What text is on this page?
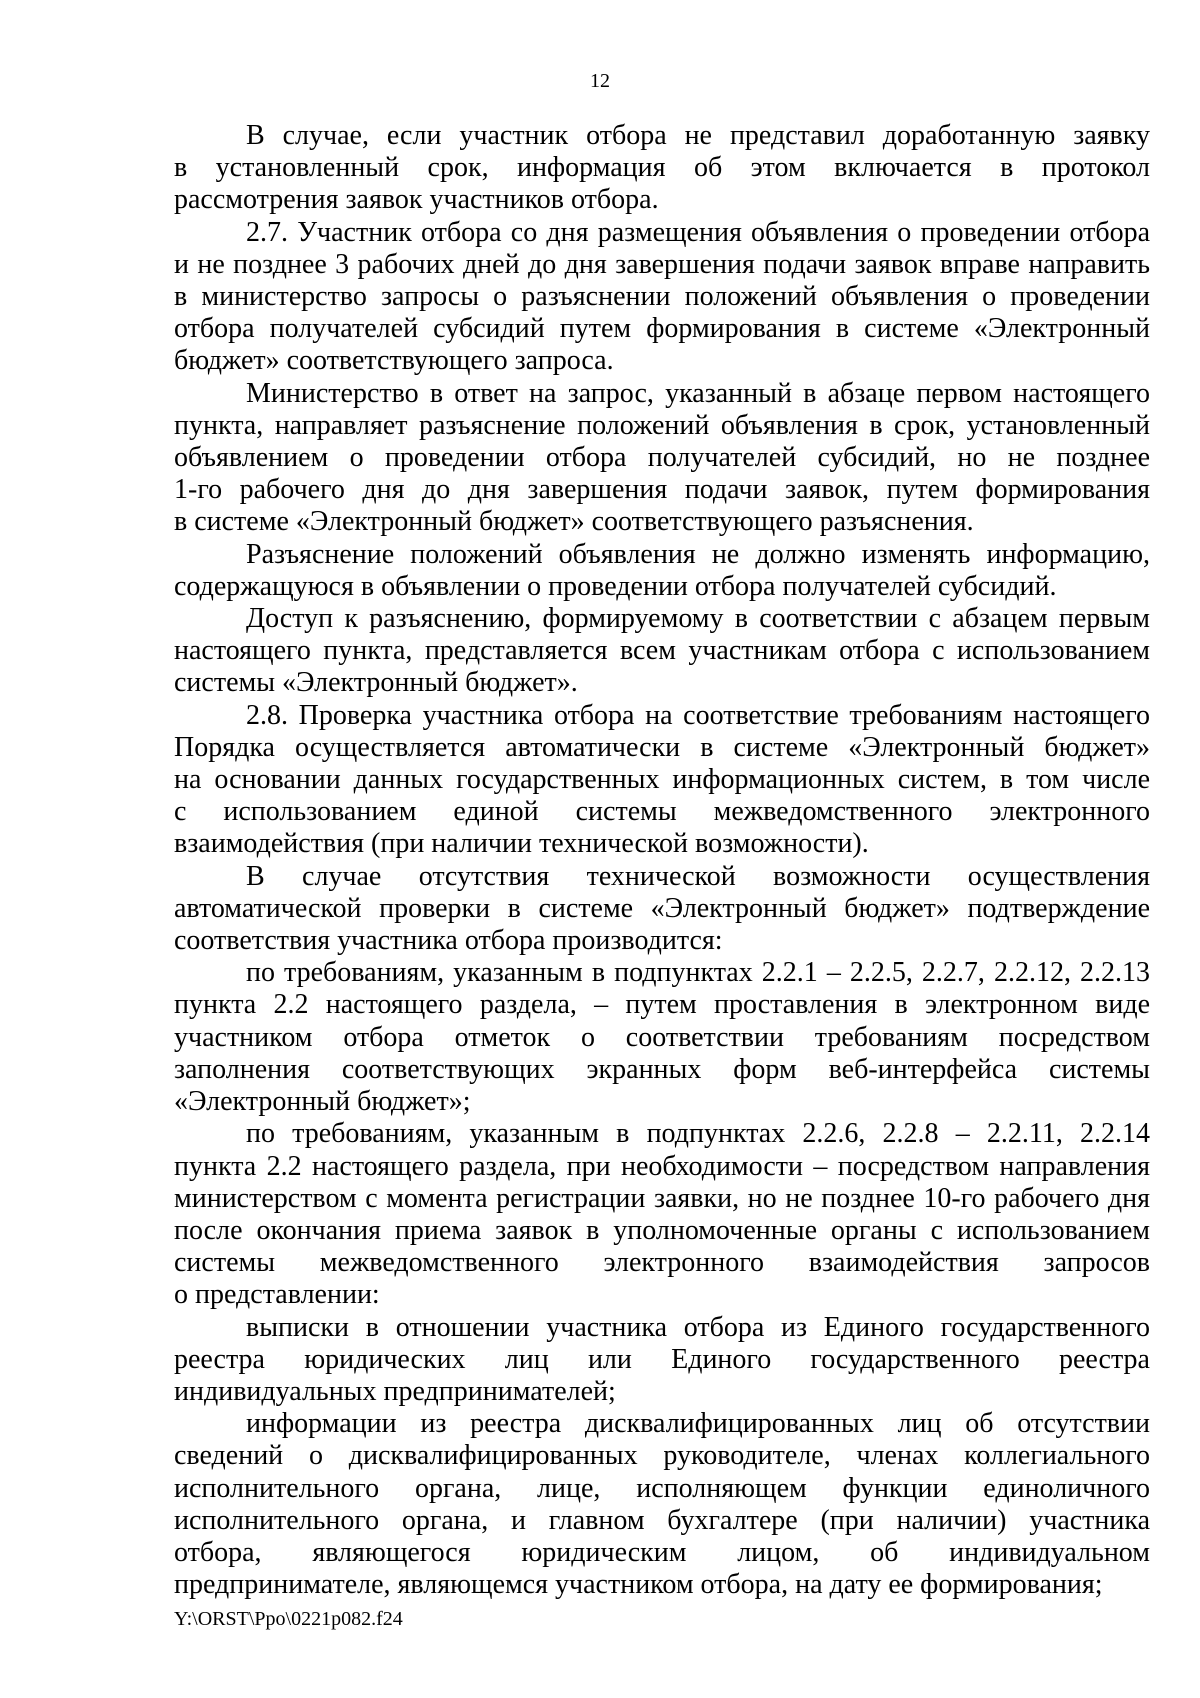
12
В случае, если участник отбора не представил доработанную заявку
в установленный срок, информация об этом включается в протокол
рассмотрения заявок участников отбора.
2.7. Участник отбора со дня размещения объявления о проведении отбора
и не позднее 3 рабочих дней до дня завершения подачи заявок вправе направить
в министерство запросы о разъяснении положений объявления о проведении
отбора получателей субсидий путем формирования в системе «Электронный
бюджет» соответствующего запроса.
Министерство в ответ на запрос, указанный в абзаце первом настоящего
пункта, направляет разъяснение положений объявления в срок, установленный
объявлением о проведении отбора получателей субсидий, но не позднее
1-го рабочего дня до дня завершения подачи заявок, путем формирования
в системе «Электронный бюджет» соответствующего разъяснения.
Разъяснение положений объявления не должно изменять информацию,
содержащуюся в объявлении о проведении отбора получателей субсидий.
Доступ к разъяснению, формируемому в соответствии с абзацем первым
настоящего пункта, представляется всем участникам отбора с использованием
системы «Электронный бюджет».
2.8. Проверка участника отбора на соответствие требованиям настоящего
Порядка осуществляется автоматически в системе «Электронный бюджет»
на основании данных государственных информационных систем, в том числе
с использованием единой системы межведомственного электронного
взаимодействия (при наличии технической возможности).
В случае отсутствия технической возможности осуществления
автоматической проверки в системе «Электронный бюджет» подтверждение
соответствия участника отбора производится:
по требованиям, указанным в подпунктах 2.2.1 – 2.2.5, 2.2.7, 2.2.12, 2.2.13
пункта 2.2 настоящего раздела, – путем проставления в электронном виде
участником отбора отметок о соответствии требованиям посредством
заполнения соответствующих экранных форм веб-интерфейса системы
«Электронный бюджет»;
по требованиям, указанным в подпунктах 2.2.6, 2.2.8 – 2.2.11, 2.2.14
пункта 2.2 настоящего раздела, при необходимости – посредством направления
министерством с момента регистрации заявки, но не позднее 10-го рабочего дня
после окончания приема заявок в уполномоченные органы с использованием
системы межведомственного электронного взаимодействия запросов
о представлении:
выписки в отношении участника отбора из Единого государственного
реестра юридических лиц или Единого государственного реестра
индивидуальных предпринимателей;
информации из реестра дисквалифицированных лиц об отсутствии
сведений о дисквалифицированных руководителе, членах коллегиального
исполнительного органа, лице, исполняющем функции единоличного
исполнительного органа, и главном бухгалтере (при наличии) участника
отбора, являющегося юридическим лицом, об индивидуальном
предпринимателе, являющемся участником отбора, на дату ее формирования;
Y:\ORST\Ppo\0221p082.f24
